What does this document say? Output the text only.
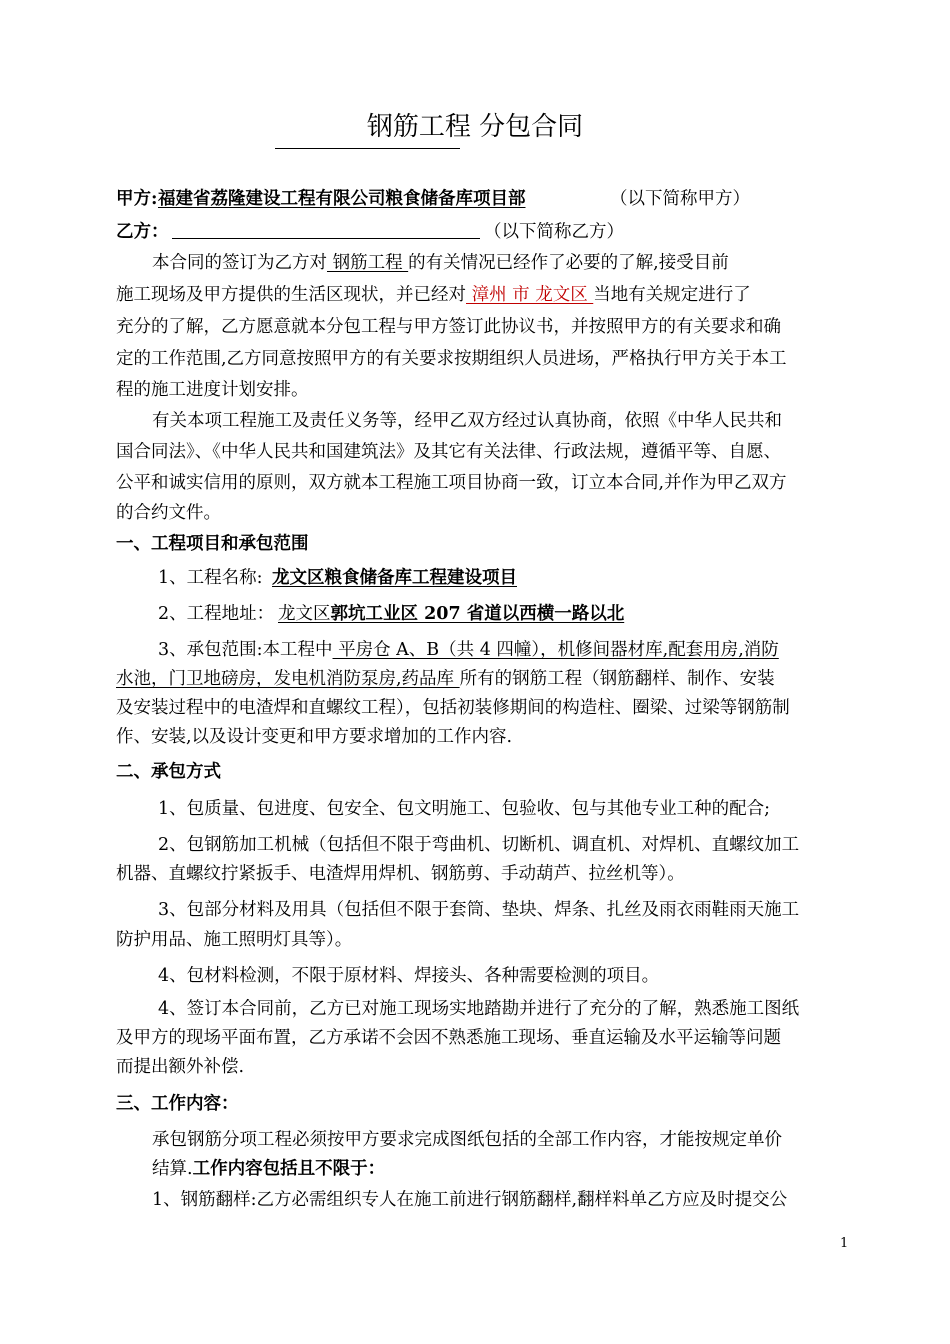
钢筋工程 分包合同
甲方: 福建省荔隆建设工程有限公司粮食储备库项目部	（以下简称甲方）
乙方：	（以下简称乙方）
本合同的签订为乙方对 钢筋工程 的有关情况已经作了必要的了解,接受目前
施工现场及甲方提供的生活区现状，并已经对 漳州 市 龙文区 当地有关规定进行了
充分的了解，乙方愿意就本分包工程与甲方签订此协议书，并按照甲方的有关要求和确
定的工作范围,乙方同意按照甲方的有关要求按期组织人员进场，严格执行甲方关于本工
程的施工进度计划安排。
有关本项工程施工及责任义务等，经甲乙双方经过认真协商，依照《中华人民共和
国合同法》、《中华人民共和国建筑法》及其它有关法律、行政法规，遵循平等、自愿、
公平和诚实信用的原则，双方就本工程施工项目协商一致，订立本合同,并作为甲乙双方
的合约文件。
一、工程项目和承包范围
1、工程名称: 龙文区粮食储备库工程建设项目
2、工程地址： 龙文区郭坑工业区 207 省道以西横一路以北
3、承包范围:本工程中 平房仓 A、B（共 4 四幢），机修间器材库,配套用房,消防
水池，门卫地磅房，发电机消防泵房,药品库 所有的钢筋工程（钢筋翻样、制作、安装
及安装过程中的电渣焊和直螺纹工程），包括初装修期间的构造柱、圈梁、过梁等钢筋制
作、安装,以及设计变更和甲方要求增加的工作内容.
二、承包方式
1、包质量、包进度、包安全、包文明施工、包验收、包与其他专业工种的配合;
2、包钢筋加工机械（包括但不限于弯曲机、切断机、调直机、对焊机、直螺纹加工
机器、直螺纹拧紧扳手、电渣焊用焊机、钢筋剪、手动葫芦、拉丝机等）。
3、包部分材料及用具（包括但不限于套筒、垫块、焊条、扎丝及雨衣雨鞋雨天施工
防护用品、施工照明灯具等）。
4、包材料检测，不限于原材料、焊接头、各种需要检测的项目。
4、签订本合同前，乙方已对施工现场实地踏勘并进行了充分的了解，熟悉施工图纸
及甲方的现场平面布置，乙方承诺不会因不熟悉施工现场、垂直运输及水平运输等问题
而提出额外补偿.
三、工作内容：
承包钢筋分项工程必须按甲方要求完成图纸包括的全部工作内容，才能按规定单价
结算.工作内容包括且不限于：
1、钢筋翻样:乙方必需组织专人在施工前进行钢筋翻样,翻样料单乙方应及时提交公
1
